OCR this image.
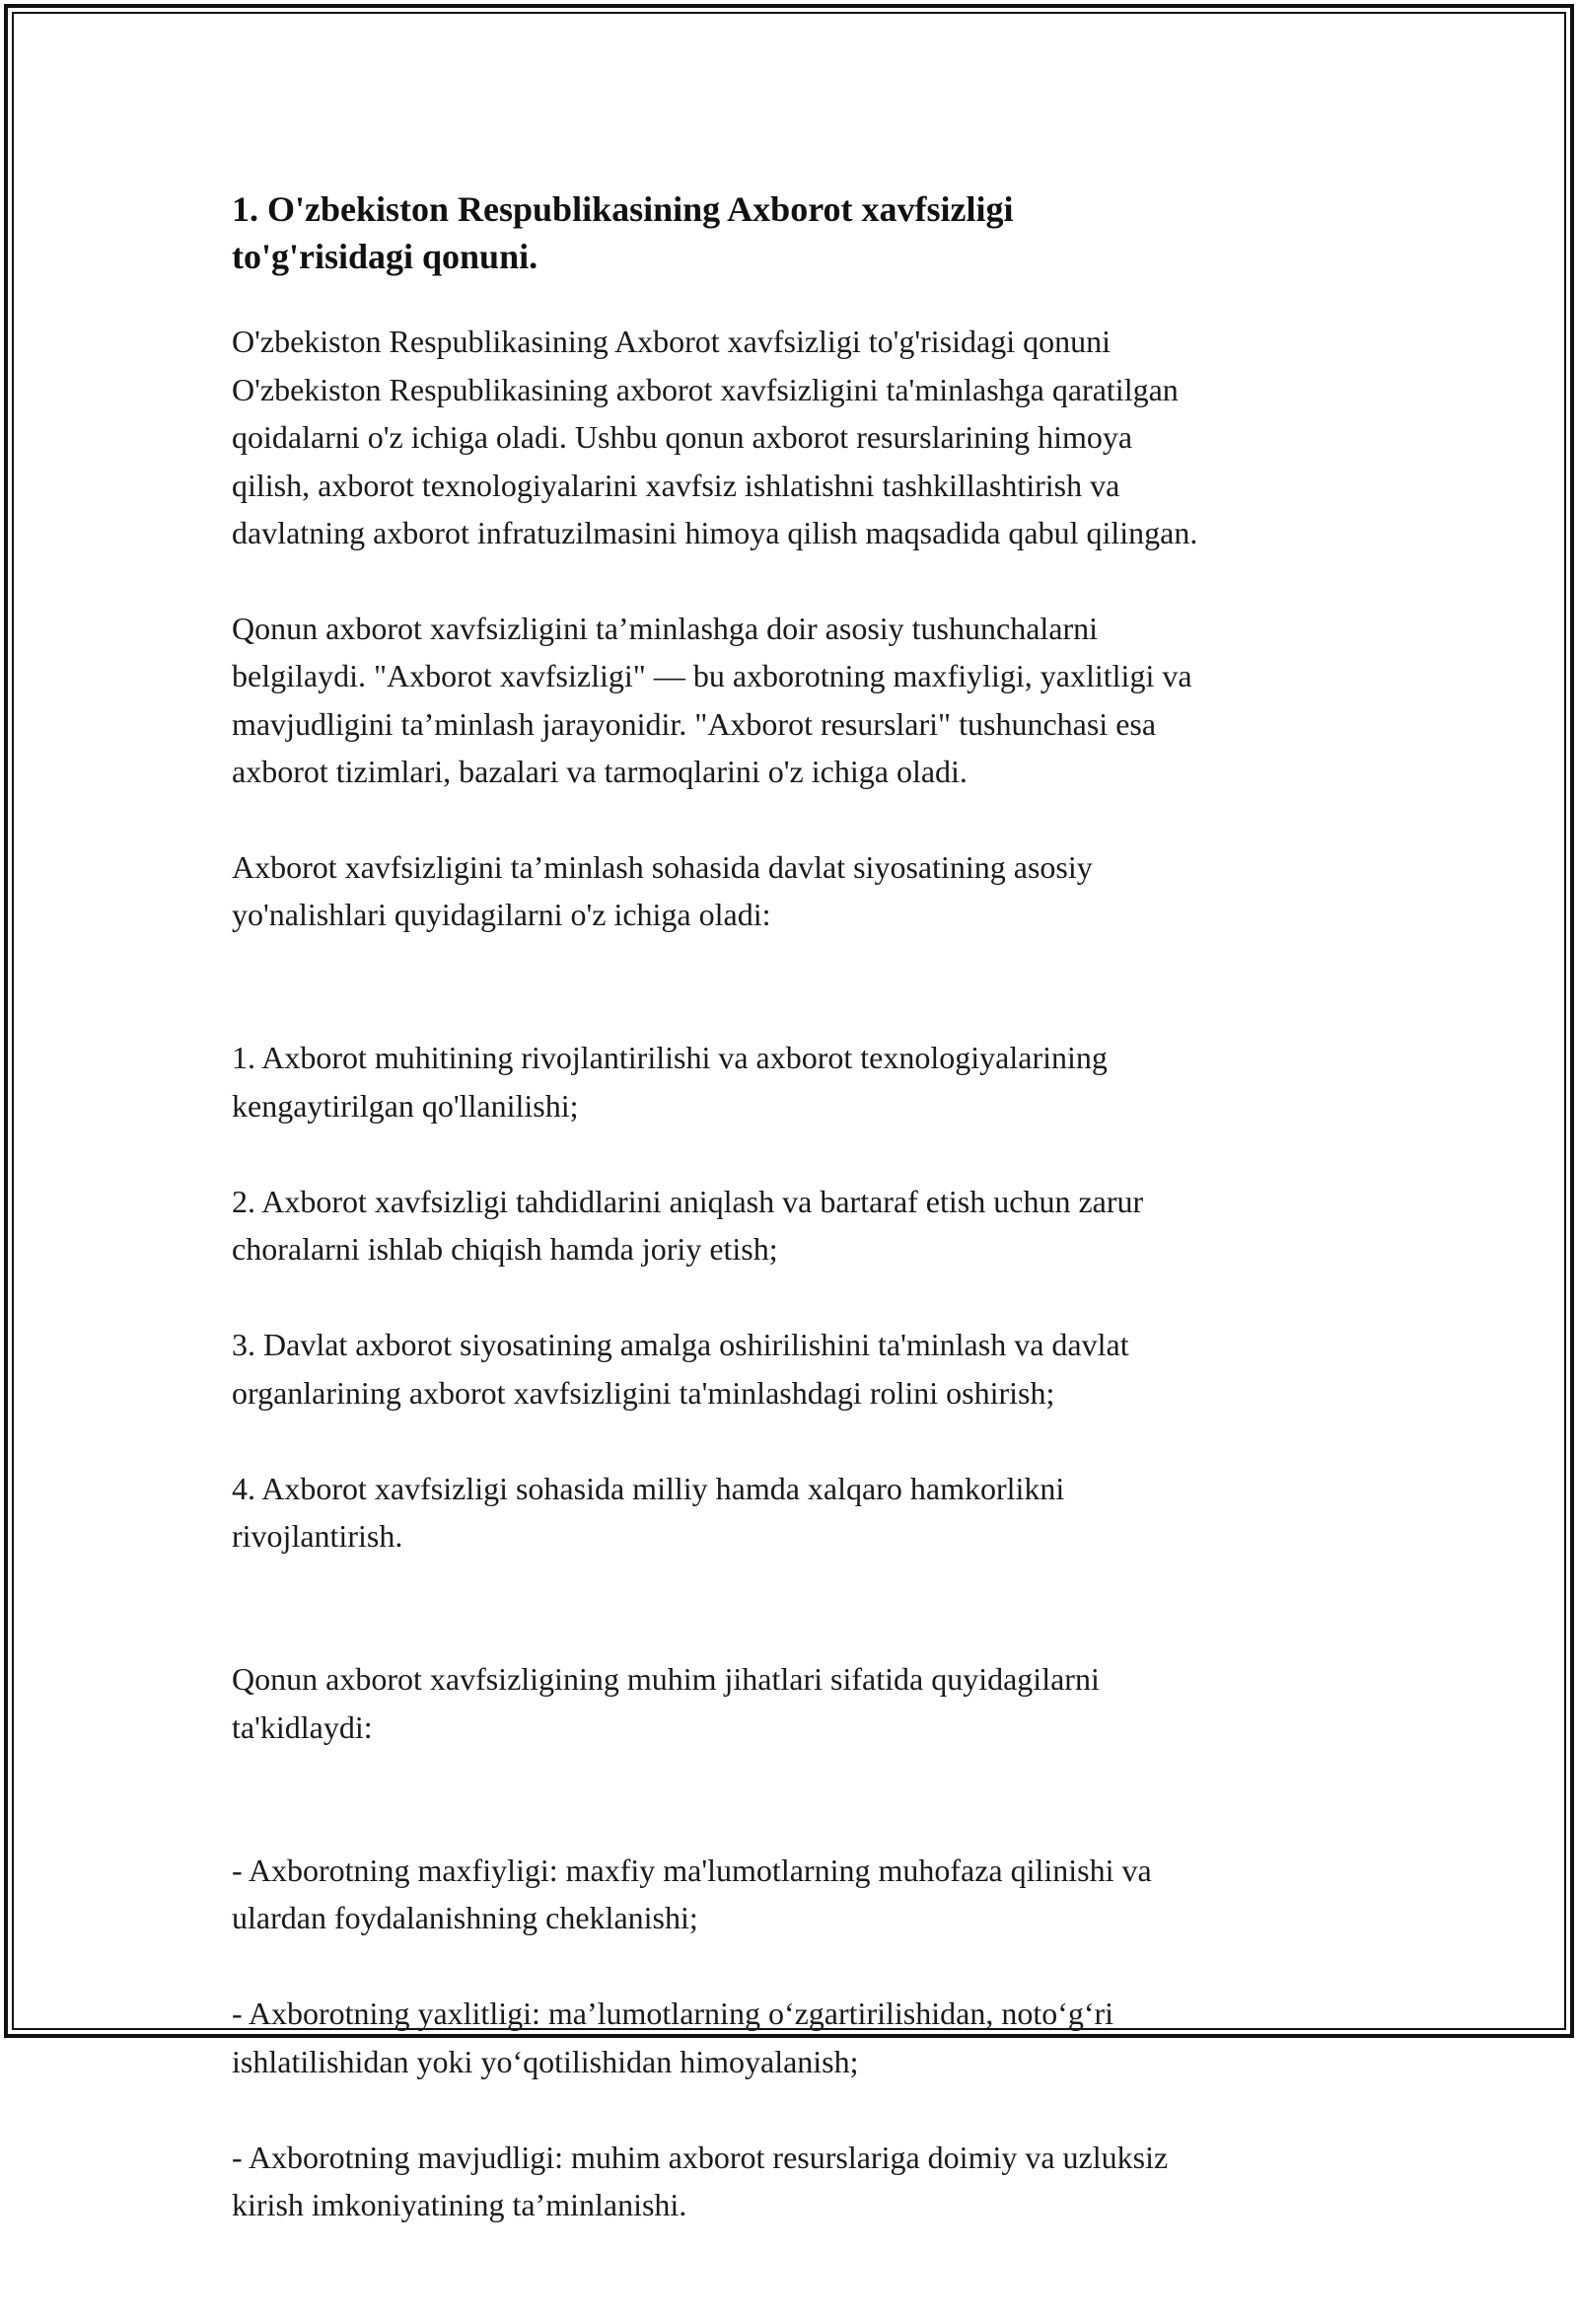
1. O'zbekiston Respublikasining Axborot xavfsizligi to'g'risidagi qonuni.

O'zbekiston Respublikasining Axborot xavfsizligi to'g'risidagi qonuni
O'zbekiston Respublikasining axborot xavfsizligini ta'minlashga qaratilgan
qoidalarni o'z ichiga oladi. Ushbu qonun axborot resurslarining himoya
qilish, axborot texnologiyalarini xavfsiz ishlatishni tashkillashtirish va
davlatning axborot infratuzilmasini himoya qilish maqsadida qabul qilingan.

Qonun axborot xavfsizligini ta’minlashga doir asosiy tushunchalarni
belgilaydi. "Axborot xavfsizligi" — bu axborotning maxfiyligi, yaxlitligi va
mavjudligini ta’minlash jarayonidir. "Axborot resurslari" tushunchasi esa
axborot tizimlari, bazalari va tarmoqlarini o'z ichiga oladi.

Axborot xavfsizligini ta’minlash sohasida davlat siyosatining asosiy
yo'nalishlari quyidagilarni o'z ichiga oladi:

1. Axborot muhitining rivojlantirilishi va axborot texnologiyalarining
kengaytirilgan qo'llanilishi;

2. Axborot xavfsizligi tahdidlarini aniqlash va bartaraf etish uchun zarur
choralarni ishlab chiqish hamda joriy etish;

3. Davlat axborot siyosatining amalga oshirilishini ta'minlash va davlat
organlarining axborot xavfsizligini ta'minlashdagi rolini oshirish;

4. Axborot xavfsizligi sohasida milliy hamda xalqaro hamkorlikni
rivojlantirish.

Qonun axborot xavfsizligining muhim jihatlari sifatida quyidagilarni
ta'kidlaydi:

- Axborotning maxfiyligi: maxfiy ma'lumotlarning muhofaza qilinishi va
ulardan foydalanishning cheklanishi;

- Axborotning yaxlitligi: ma’lumotlarning o‘zgartirilishidan, noto‘g‘ri
ishlatilishidan yoki yo‘qotilishidan himoyalanish;

- Axborotning mavjudligi: muhim axborot resurslariga doimiy va uzluksiz
kirish imkoniyatining ta’minlanishi.
